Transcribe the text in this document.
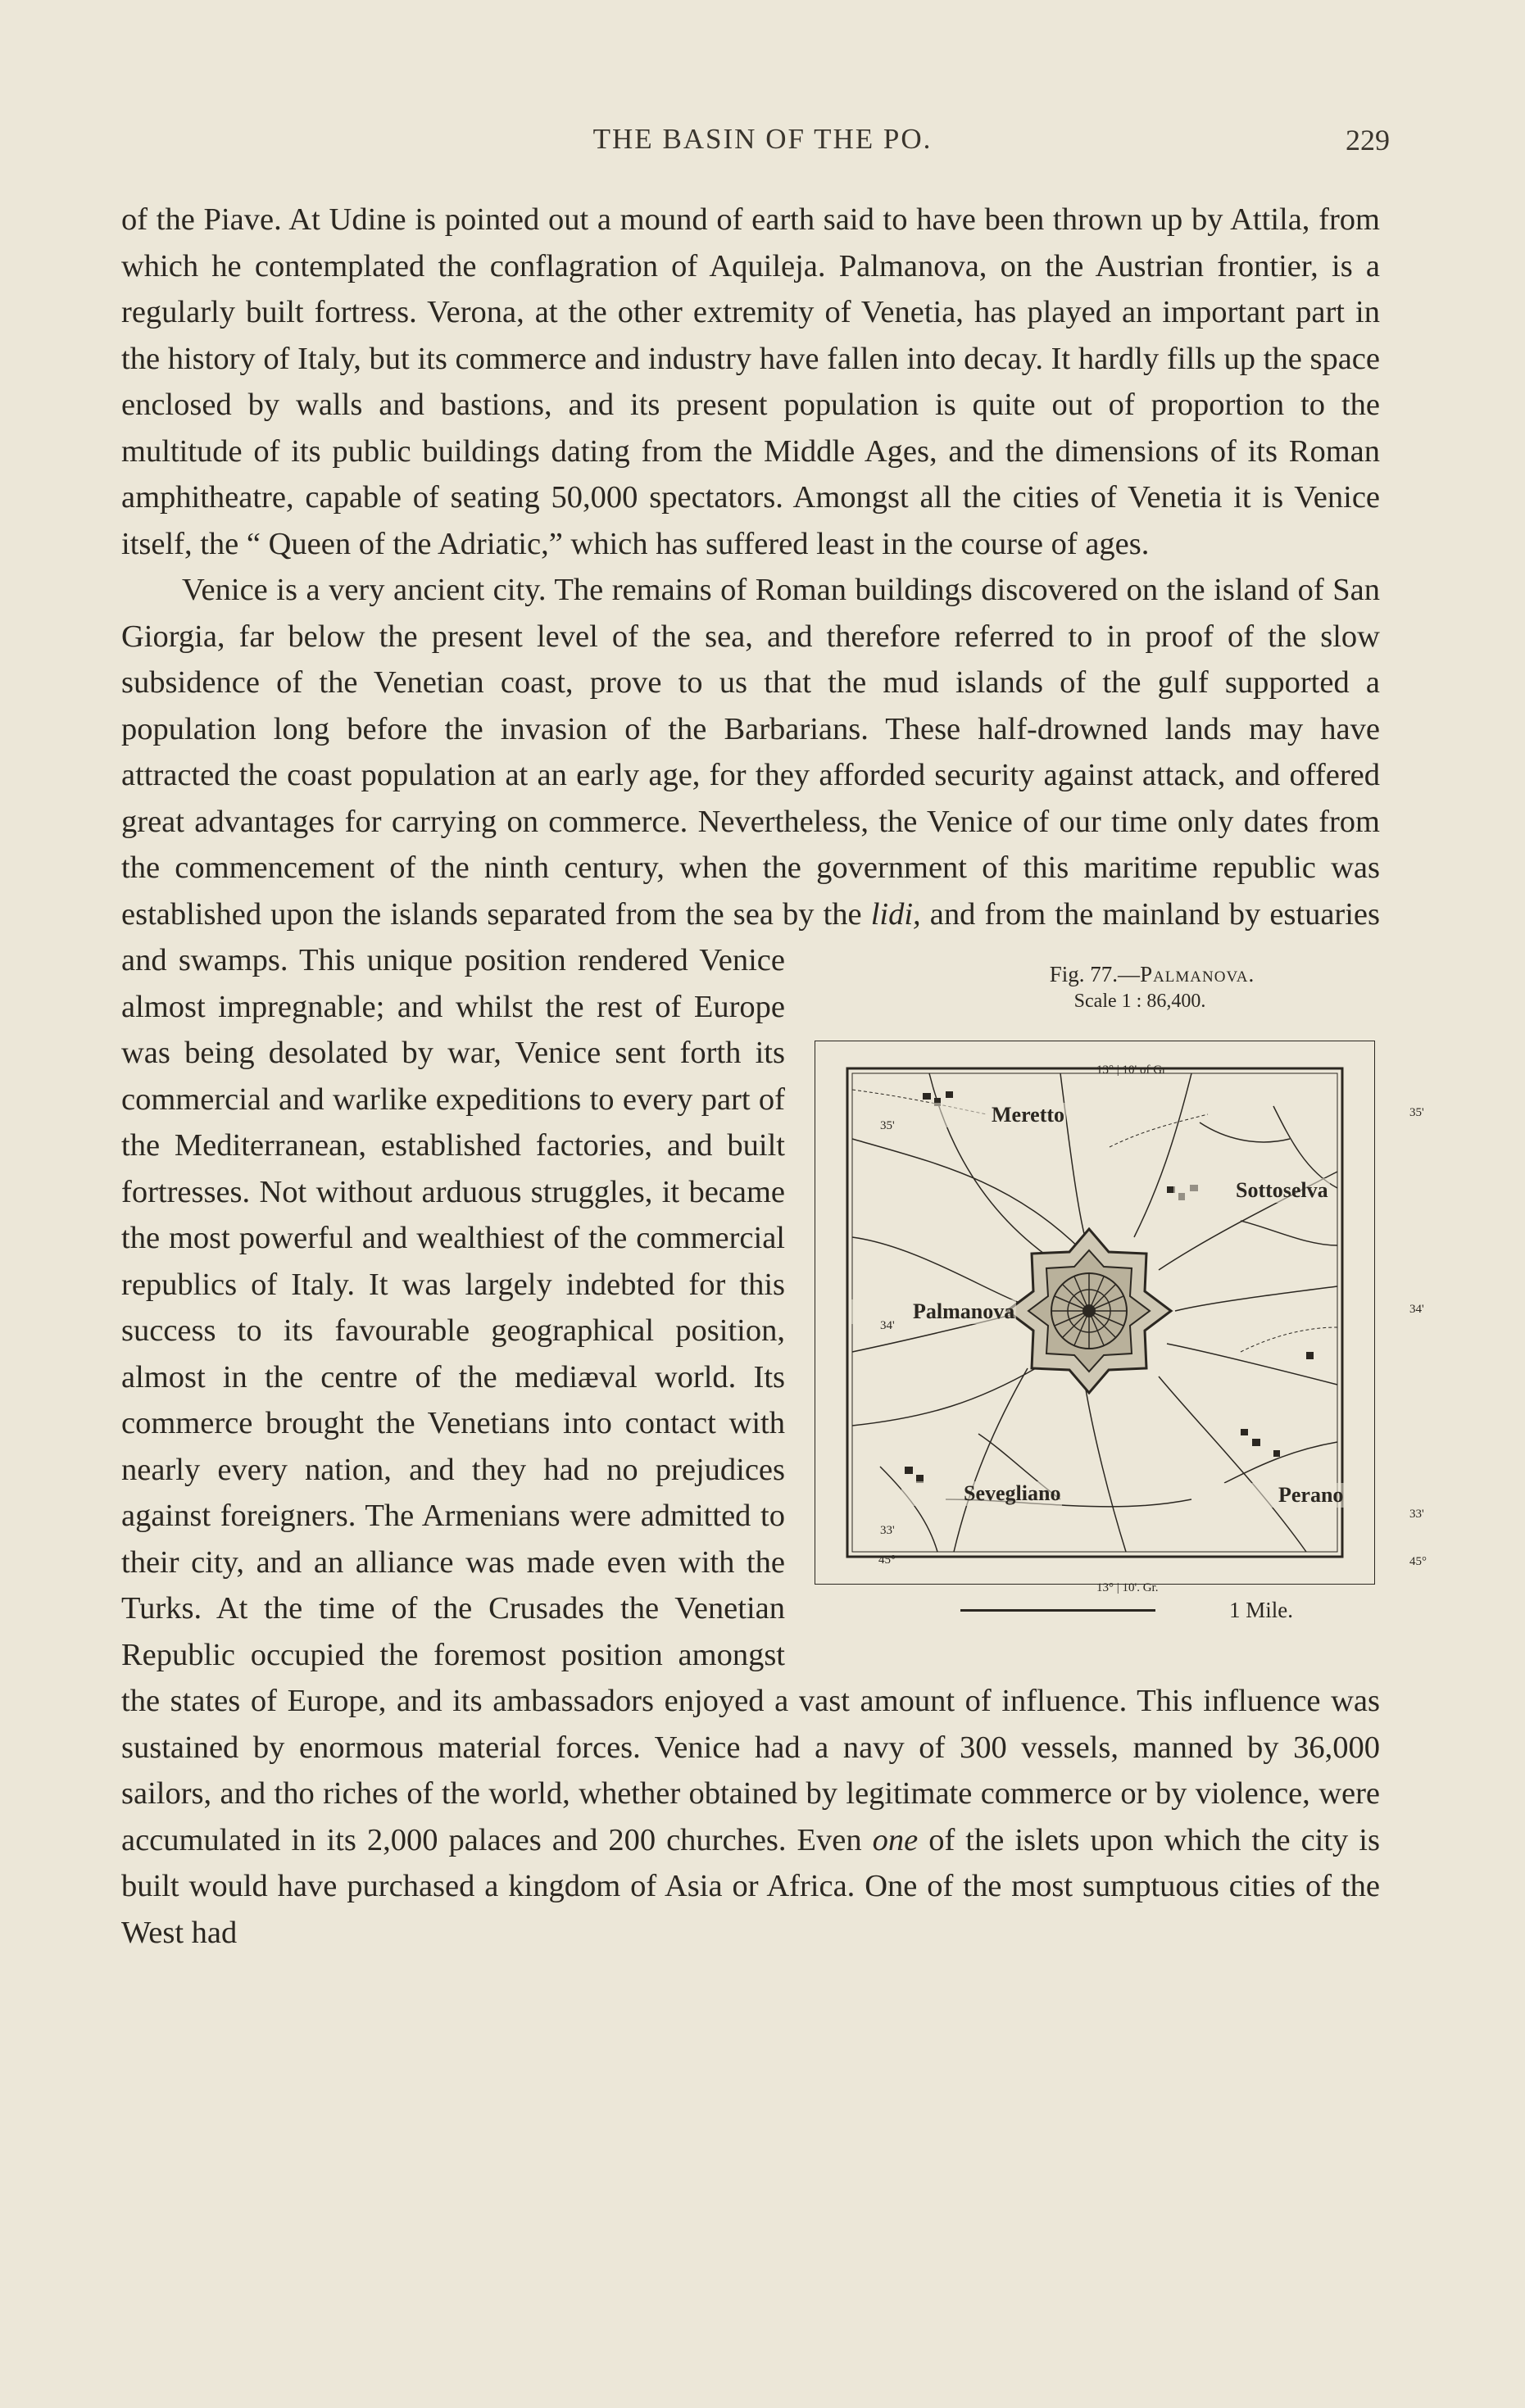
THE BASIN OF THE PO.	229

of the Piave. At Udine is pointed out a mound of earth said to have been thrown up by Attila, from which he contemplated the conflagration of Aquileja. Palmanova, on the Austrian frontier, is a regularly built fortress. Verona, at the other extremity of Venetia, has played an important part in the history of Italy, but its commerce and industry have fallen into decay. It hardly fills up the space enclosed by walls and bastions, and its present population is quite out of proportion to the multitude of its public buildings dating from the Middle Ages, and the dimensions of its Roman amphitheatre, capable of seating 50,000 spectators. Amongst all the cities of Venetia it is Venice itself, the “ Queen of the Adriatic,” which has suffered least in the course of ages.

Venice is a very ancient city. The remains of Roman buildings discovered on the island of San Giorgia, far below the present level of the sea, and therefore referred to in proof of the slow subsidence of the Venetian coast, prove to us that the mud islands of the gulf supported a population long before the invasion of the Barbarians. These half-drowned lands may have attracted the coast population at an early age, for they afforded security against attack, and offered great advantages for carrying on commerce. Nevertheless, the Venice of our time only dates from the commencement of the ninth century, when the government of this maritime republic was established upon the islands separated from the sea by the
Fig. 77.—Palmanova.
Scale 1 : 86,400.
Meretto
Sottoselva
Palmanova
Sevegliano	Perano
13° | 10' of Gr
13° | 10'. Gr.
35'
34'
33'
45°
35'
34'
33'
45°
1 Mile.
lidi, and from the mainland by estuaries and swamps. This unique position rendered Venice almost impregnable; and whilst the rest of Europe was being desolated by war, Venice sent forth its commercial and warlike expeditions to every part of the Mediterranean, established factories, and built fortresses. Not without arduous struggles, it became the most powerful and wealthiest of the commercial republics of Italy. It was largely indebted for this success to its favourable geographical position, almost in the centre of the mediæval world. Its commerce brought the Venetians into contact with nearly every nation, and they had no prejudices against foreigners. The Armenians were admitted to their city, and an alliance was made even with the Turks. At the time of the Crusades the Venetian Republic occupied the foremost position amongst the states of Europe, and its ambassadors enjoyed a vast amount of influence. This influence was sustained by enormous material forces. Venice had a navy of 300 vessels, manned by 36,000 sailors, and tho riches of the world, whether obtained by legitimate commerce or by violence, were accumulated in its 2,000 palaces and 200 churches. Even one of the islets upon which the city is built would have purchased a kingdom of Asia or Africa. One of the most sumptuous cities of the West had
